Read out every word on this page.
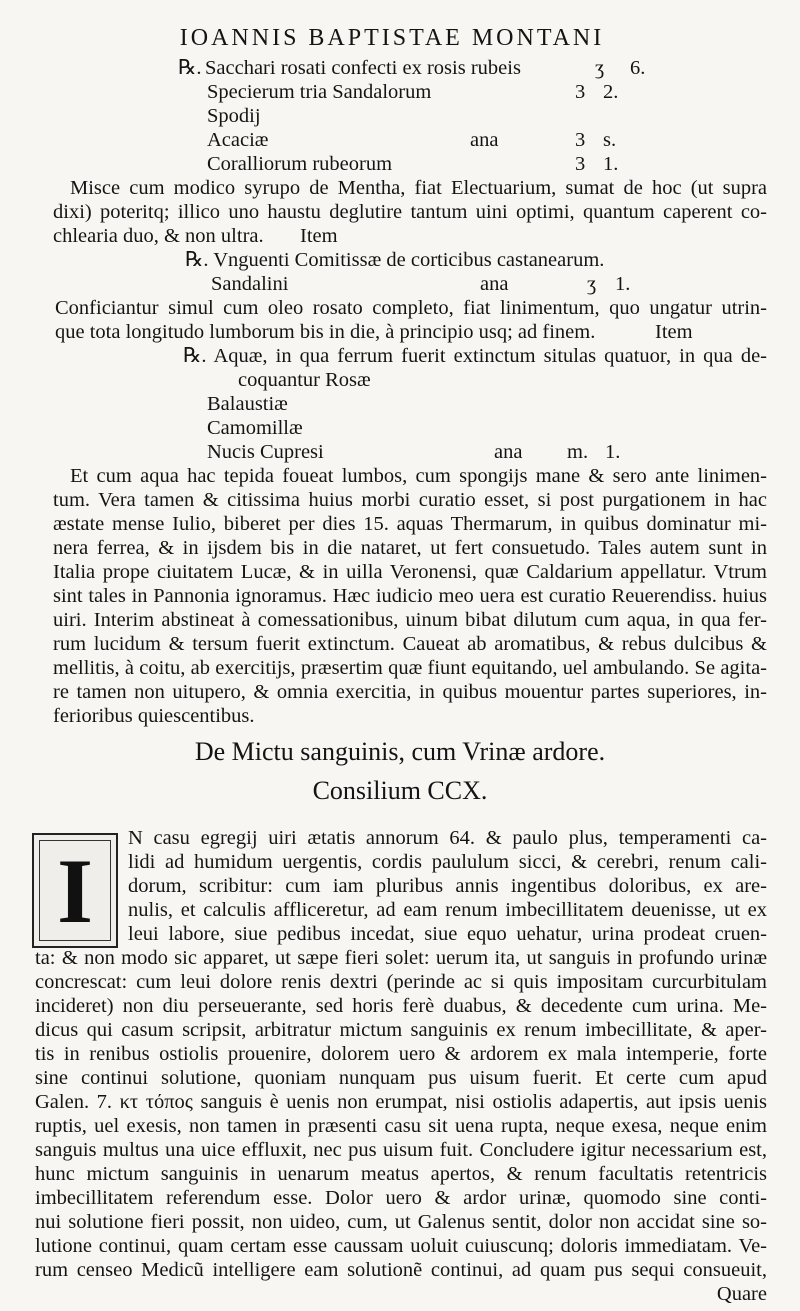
IOANNIS BAPTISTAE MONTANI
℞. Sacchari rosati confecti ex rosis rubeis	ʒ 6.
Specierum tria Sandalorum	3 2.
Spodij
Acaciæ	ana	3 s.
Coralliorum rubeorum	3 1.
Misce cum modico syrupo de Mentha, fiat Electuarium, sumat de hoc (ut supra
dixi) poteritq; illico uno haustu deglutire tantum uini optimi, quantum caperent co-
chlearia duo, & non ultra. Item
℞. Vnguenti Comitissæ de corticibus castanearum.
Sandalini	ana	ʒ 1.
Conficiantur simul cum oleo rosato completo, fiat linimentum, quo ungatur utrin-
que tota longitudo lumborum bis in die, à principio usq; ad finem.	Item
℞. Aquæ, in qua ferrum fuerit extinctum situlas quatuor, in qua de-
coquantur Rosæ
Balaustiæ
Camomillæ
Nucis Cupresi	ana m. 1.
Et cum aqua hac tepida foueat lumbos, cum spongijs mane & sero ante linimen-
tum. Vera tamen & citissima huius morbi curatio esset, si post purgationem in hac
æstate mense Iulio, biberet per dies 15. aquas Thermarum, in quibus dominatur mi-
nera ferrea, & in ijsdem bis in die nataret, ut fert consuetudo. Tales autem sunt in
Italia prope ciuitatem Lucæ, & in uilla Veronensi, quæ Caldarium appellatur. Vtrum
sint tales in Pannonia ignoramus. Hæc iudicio meo uera est curatio Reuerendiss. huius
uiri. Interim abstineat à comessationibus, uinum bibat dilutum cum aqua, in qua fer-
rum lucidum & tersum fuerit extinctum. Caueat ab aromatibus, & rebus dulcibus &
mellitis, à coitu, ab exercitijs, præsertim quæ fiunt equitando, uel ambulando. Se agita-
re tamen non uitupero, & omnia exercitia, in quibus mouentur partes superiores, in-
ferioribus quiescentibus.
De Mictu sanguinis, cum Vrinæ ardore.
Consilium CCX.
I
N casu egregij uiri ætatis annorum 64. & paulo plus, temperamenti ca-
lidi ad humidum uergentis, cordis paululum sicci, & cerebri, renum cali-
dorum, scribitur: cum iam pluribus annis ingentibus doloribus, ex are-
nulis, et calculis affliceretur, ad eam renum imbecillitatem deuenisse, ut ex
leui labore, siue pedibus incedat, siue equo uehatur, urina prodeat cruen-
ta: & non modo sic apparet, ut sæpe fieri solet: uerum ita, ut sanguis in profundo urinæ
concrescat: cum leui dolore renis dextri (perinde ac si quis impositam curcurbitulam
incideret) non diu perseuerante, sed horis ferè duabus, & decedente cum urina. Me-
dicus qui casum scripsit, arbitratur mictum sanguinis ex renum imbecillitate, & aper-
tis in renibus ostiolis prouenire, dolorem uero & ardorem ex mala intemperie, forte
sine continui solutione, quoniam nunquam pus uisum fuerit. Et certe cum apud
Galen. 7. κτ τόπος sanguis è uenis non erumpat, nisi ostiolis adapertis, aut ipsis uenis
ruptis, uel exesis, non tamen in præsenti casu sit uena rupta, neque exesa, neque enim
sanguis multus una uice effluxit, nec pus uisum fuit. Concludere igitur necessarium est,
hunc mictum sanguinis in uenarum meatus apertos, & renum facultatis retentricis
imbecillitatem referendum esse. Dolor uero & ardor urinæ, quomodo sine conti-
nui solutione fieri possit, non uideo, cum, ut Galenus sentit, dolor non accidat sine so-
lutione continui, quam certam esse caussam uoluit cuiuscunq; doloris immediatam. Ve-
rum censeo Medicũ intelligere eam solutionẽ continui, ad quam pus sequi consueuit,
Quare
